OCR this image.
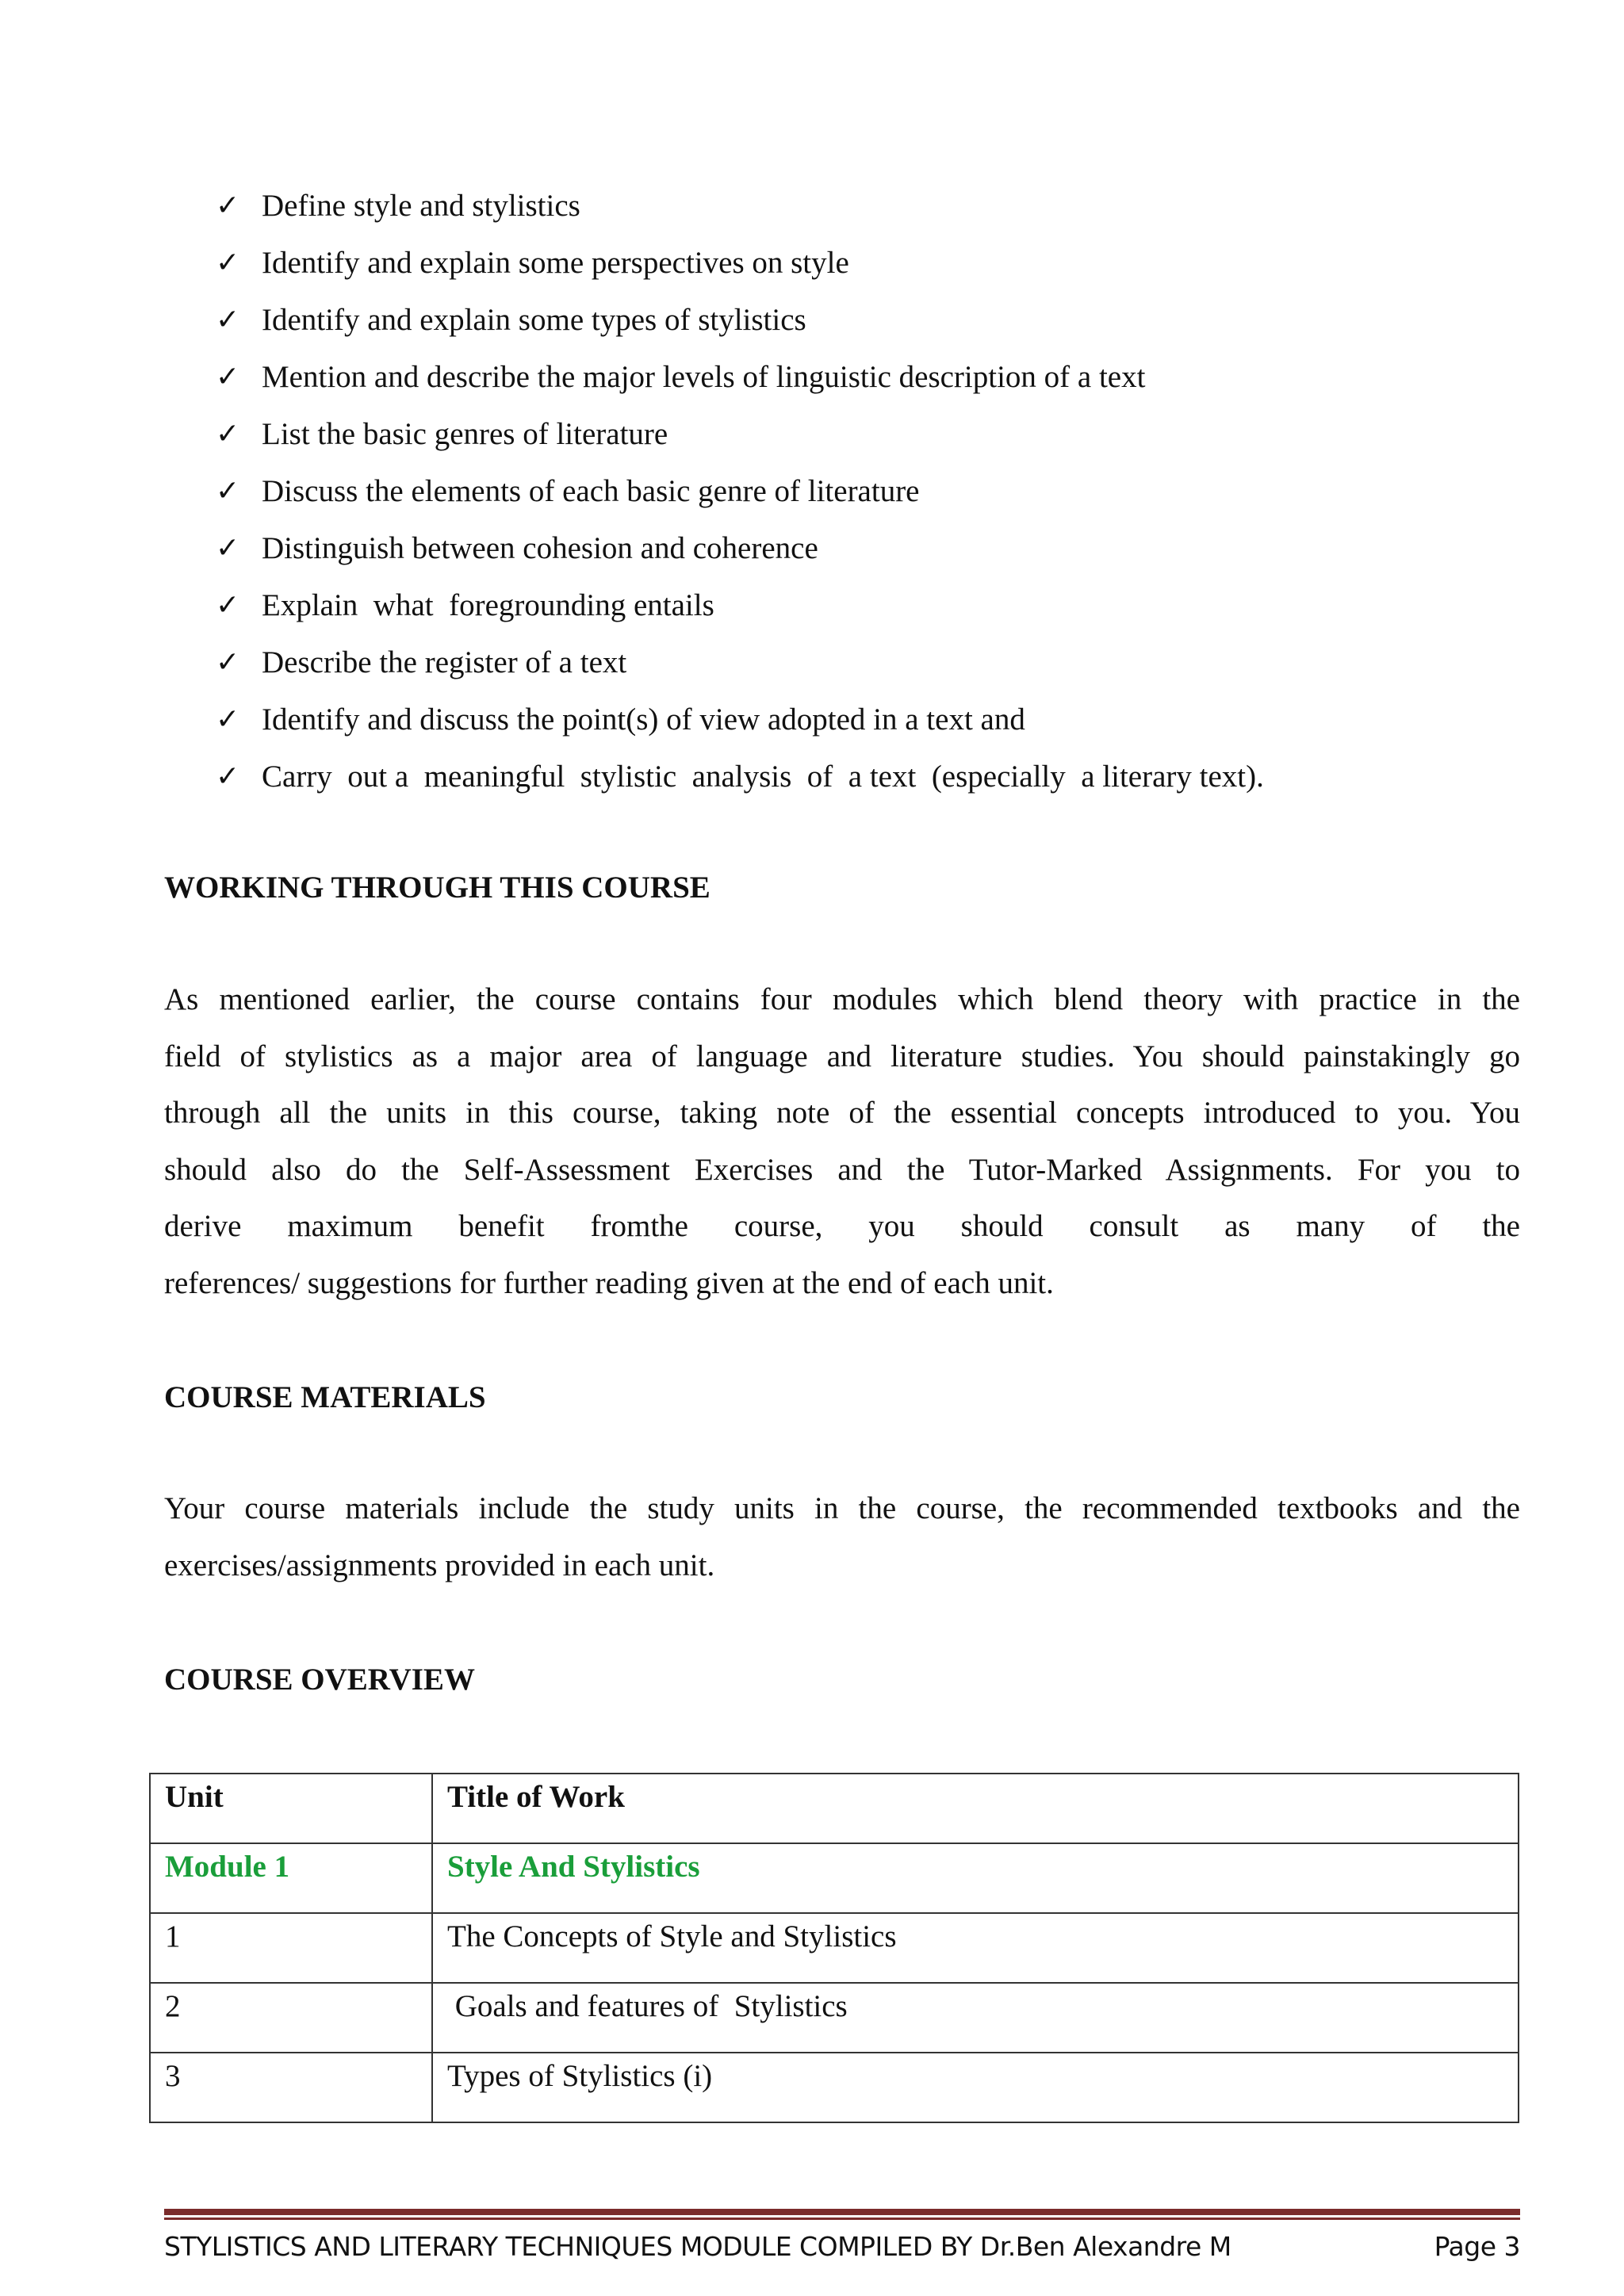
✓ Define style and stylistics
✓ Identify and explain some perspectives on style
✓ Identify and explain some types of stylistics
✓ Mention and describe the major levels of linguistic description of a text
✓ List the basic genres of literature
✓ Discuss the elements of each basic genre of literature
✓ Distinguish between cohesion and coherence
✓ Explain  what  foregrounding entails
✓ Describe the register of a text
✓ Identify and discuss the point(s) of view adopted in a text and
✓ Carry  out a  meaningful  stylistic  analysis  of  a text  (especially  a literary text).
WORKING THROUGH THIS COURSE

As mentioned earlier, the course contains four modules which blend theory with practice in the
field of stylistics as a major area of language and literature studies. You should painstakingly go
through all the units in this course, taking note of the essential concepts introduced to you. You
should also do the Self-Assessment Exercises and the Tutor-Marked Assignments. For you to
derive maximum benefit fromthe course, you should consult as many of the
references/ suggestions for further reading given at the end of each unit.

COURSE MATERIALS

Your course materials include the study units in the course, the recommended textbooks and the
exercises/assignments provided in each unit.

COURSE OVERVIEW
Unit	Title of Work
Module 1	Style And Stylistics
1	The Concepts of Style and Stylistics
2	Goals and features of  Stylistics
3	Types of Stylistics (i)
STYLISTICS AND LITERARY TECHNIQUES MODULE COMPILED BY Dr.Ben Alexandre M	Page 3
